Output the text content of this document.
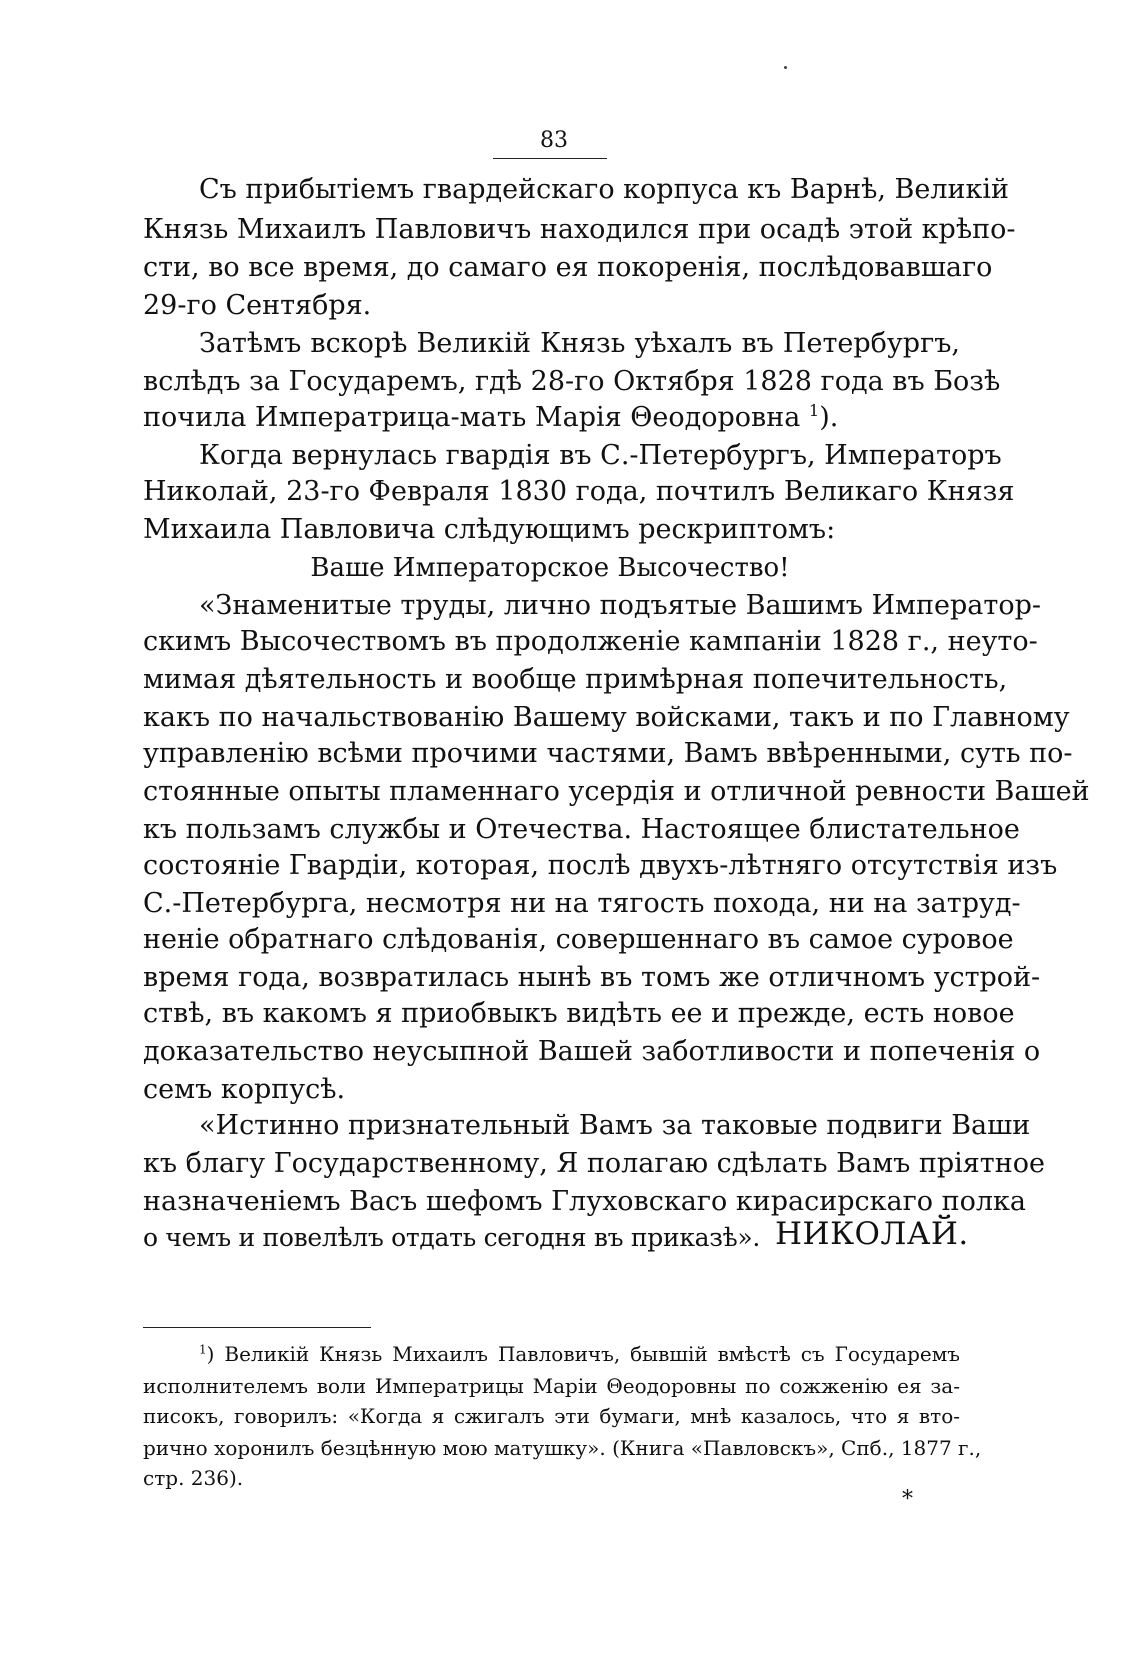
83
Съ прибытіемъ гвардейскаго корпуса къ Варнѣ, Великій
Князь Михаилъ Павловичъ находился при осадѣ этой крѣпо-
сти, во все время, до самаго ея покоренія, послѣдовавшаго
29-го Сентября.
Затѣмъ вскорѣ Великій Князь уѣхалъ въ Петербургъ,
вслѣдъ за Государемъ, гдѣ 28-го Октября 1828 года въ Бозѣ
почила Императрица-мать Марія Θеодоровна $^1$).
Когда вернулась гвардія въ С.-Петербургъ, Императоръ
Николай, 23-го Февраля 1830 года, почтилъ Великаго Князя
Михаила Павловича слѣдующимъ рескриптомъ:
Ваше Императорское Высочество!
«Знаменитые труды, лично подъятые Вашимъ Император-
скимъ Высочествомъ въ продолженіе кампаніи 1828 г., неуто-
мимая дѣятельность и вообще примѣрная попечительность,
какъ по начальствованію Вашему войсками, такъ и по Главному
управленію всѣми прочими частями, Вамъ ввѣренными, суть по-
стоянные опыты пламеннаго усердія и отличной ревности Вашей
къ пользамъ службы и Отечества. Настоящее блистательное
состояніе Гвардіи, которая, послѣ двухъ-лѣтняго отсутствія изъ
С.-Петербурга, несмотря ни на тягость похода, ни на затруд-
неніе обратнаго слѣдованія, совершеннаго въ самое суровое
время года, возвратилась нынѣ въ томъ же отличномъ устрой-
ствѣ, въ какомъ я приобвыкъ видѣть ее и прежде, есть новое
доказательство неусыпной Вашей заботливости и попеченія о
семъ корпусѣ.
«Истинно признательный Вамъ за таковые подвиги Ваши
къ благу Государственному, Я полагаю сдѣлать Вамъ пріятное
назначеніемъ Васъ шефомъ Глуховскаго кирасирскаго полка
о чемъ и повелѣлъ отдать сегодня въ приказѣ». НИКОЛАЙ.
$^1$) Великій Князь Михаилъ Павловичъ, бывшій вмѣстѣ съ Государемъ
исполнителемъ воли Императрицы Маріи Θеодоровны по сожженію ея за-
писокъ, говорилъ: «Когда я сжигалъ эти бумаги, мнѣ казалось, что я вто-
рично хоронилъ безцѣнную мою матушку». (Книга «Павловскъ», Спб., 1877 г.,
стр. 236).
*
